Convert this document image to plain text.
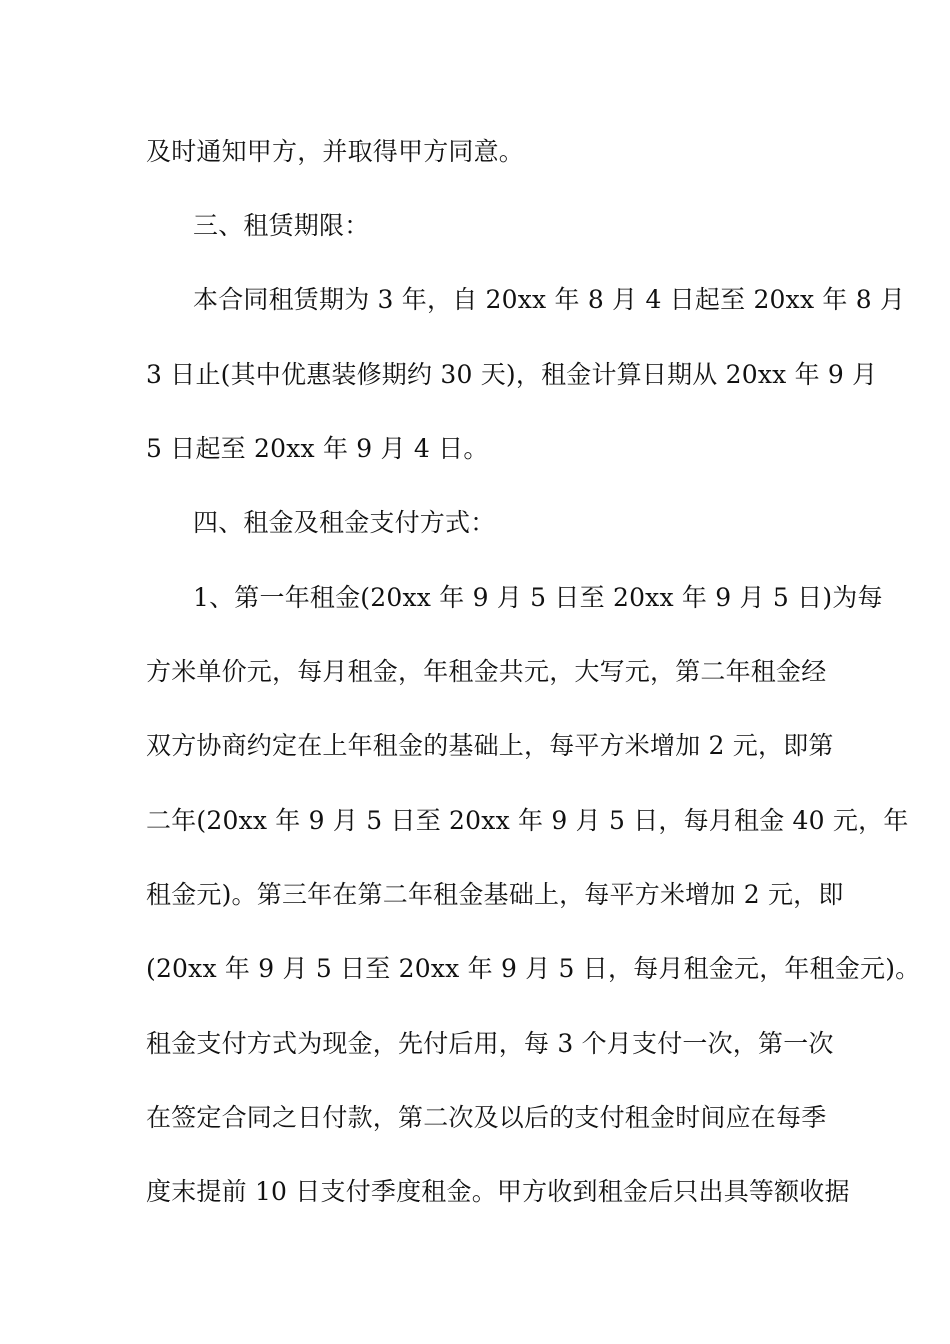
及时通知甲方，并取得甲方同意。
三、租赁期限：
本合同租赁期为 3 年，自 20xx 年 8 月 4 日起至 20xx 年 8 月
3 日止(其中优惠装修期约 30 天)，租金计算日期从 20xx 年 9 月
5 日起至 20xx 年 9 月 4 日。
四、租金及租金支付方式：
1、第一年租金(20xx 年 9 月 5 日至 20xx 年 9 月 5 日)为每
方米单价元，每月租金，年租金共元，大写元，第二年租金经
双方协商约定在上年租金的基础上，每平方米增加 2 元，即第
二年(20xx 年 9 月 5 日至 20xx 年 9 月 5 日，每月租金 40 元，年
租金元)。第三年在第二年租金基础上，每平方米增加 2 元，即
(20xx 年 9 月 5 日至 20xx 年 9 月 5 日，每月租金元，年租金元)。
租金支付方式为现金，先付后用，每 3 个月支付一次，第一次
在签定合同之日付款，第二次及以后的支付租金时间应在每季
度末提前 10 日支付季度租金。甲方收到租金后只出具等额收据
